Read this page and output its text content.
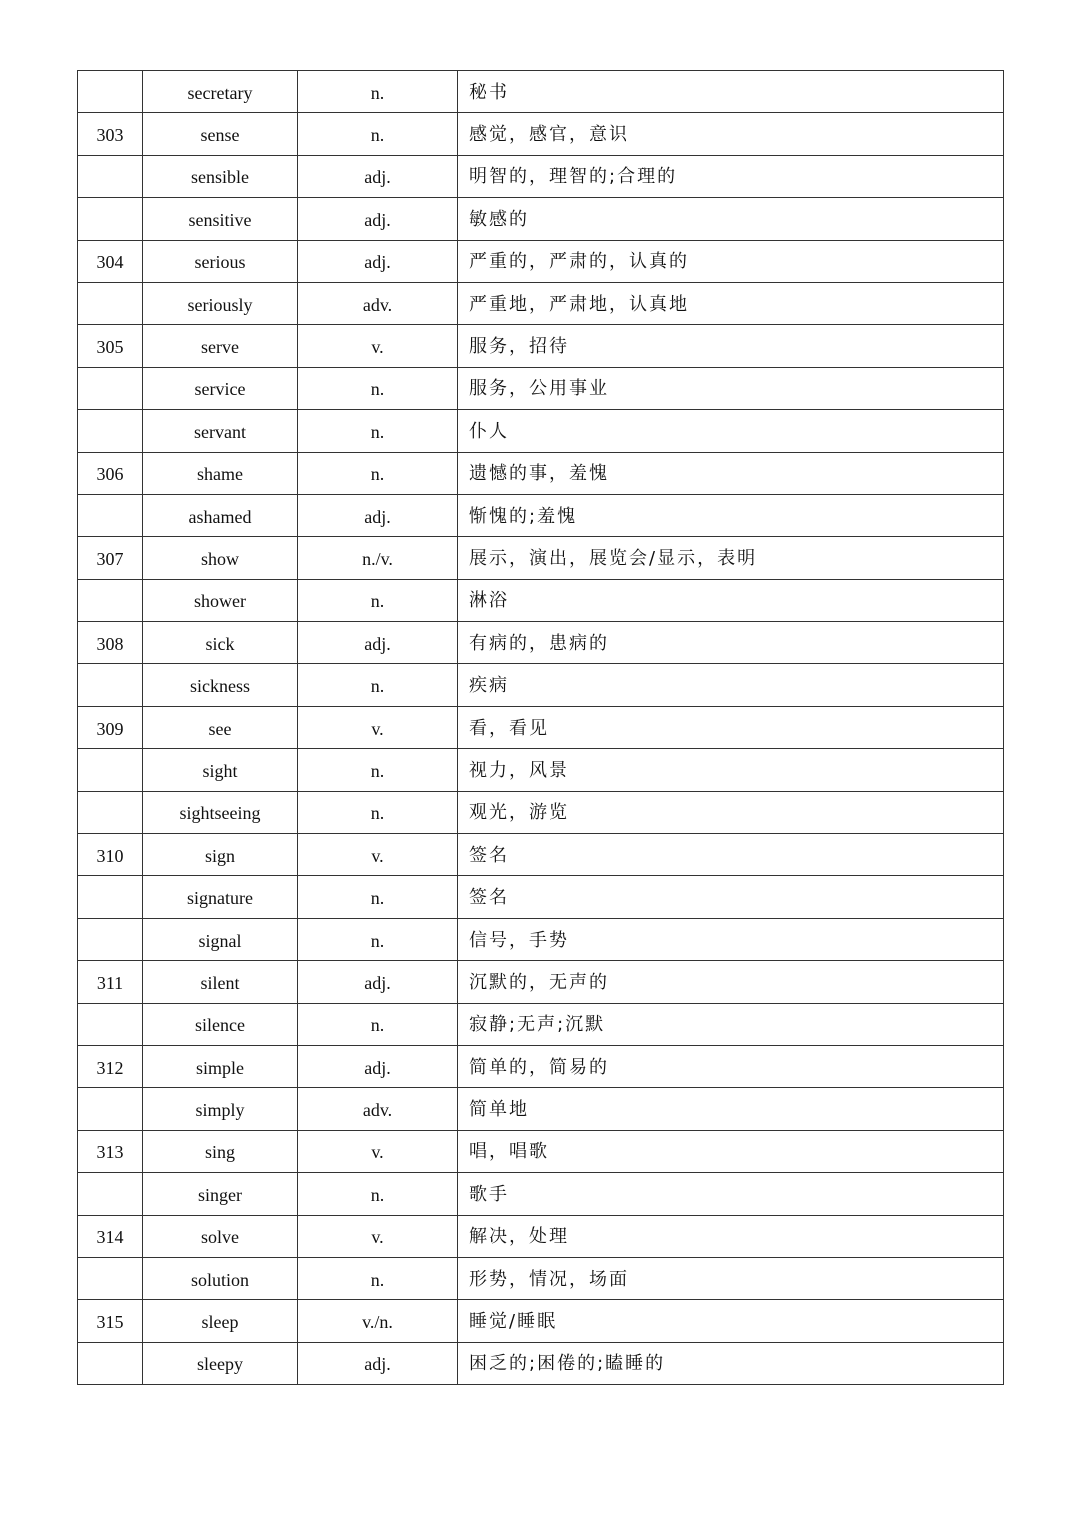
	secretary	n.	秘书
303	sense	n.	感觉，感官，意识
	sensible	adj.	明智的，理智的;合理的
	sensitive	adj.	敏感的
304	serious	adj.	严重的，严肃的，认真的
	seriously	adv.	严重地，严肃地，认真地
305	serve	v.	服务，招待
	service	n.	服务，公用事业
	servant	n.	仆人
306	shame	n.	遗憾的事，羞愧
	ashamed	adj.	惭愧的;羞愧
307	show	n./v.	展示，演出，展览会/显示，表明
	shower	n.	淋浴
308	sick	adj.	有病的，患病的
	sickness	n.	疾病
309	see	v.	看，看见
	sight	n.	视力，风景
	sightseeing	n.	观光，游览
310	sign	v.	签名
	signature	n.	签名
	signal	n.	信号，手势
311	silent	adj.	沉默的，无声的
	silence	n.	寂静;无声;沉默
312	simple	adj.	简单的，简易的
	simply	adv.	简单地
313	sing	v.	唱，唱歌
	singer	n.	歌手
314	solve	v.	解决，处理
	solution	n.	形势，情况，场面
315	sleep	v./n.	睡觉/睡眠
	sleepy	adj.	困乏的;困倦的;瞌睡的
